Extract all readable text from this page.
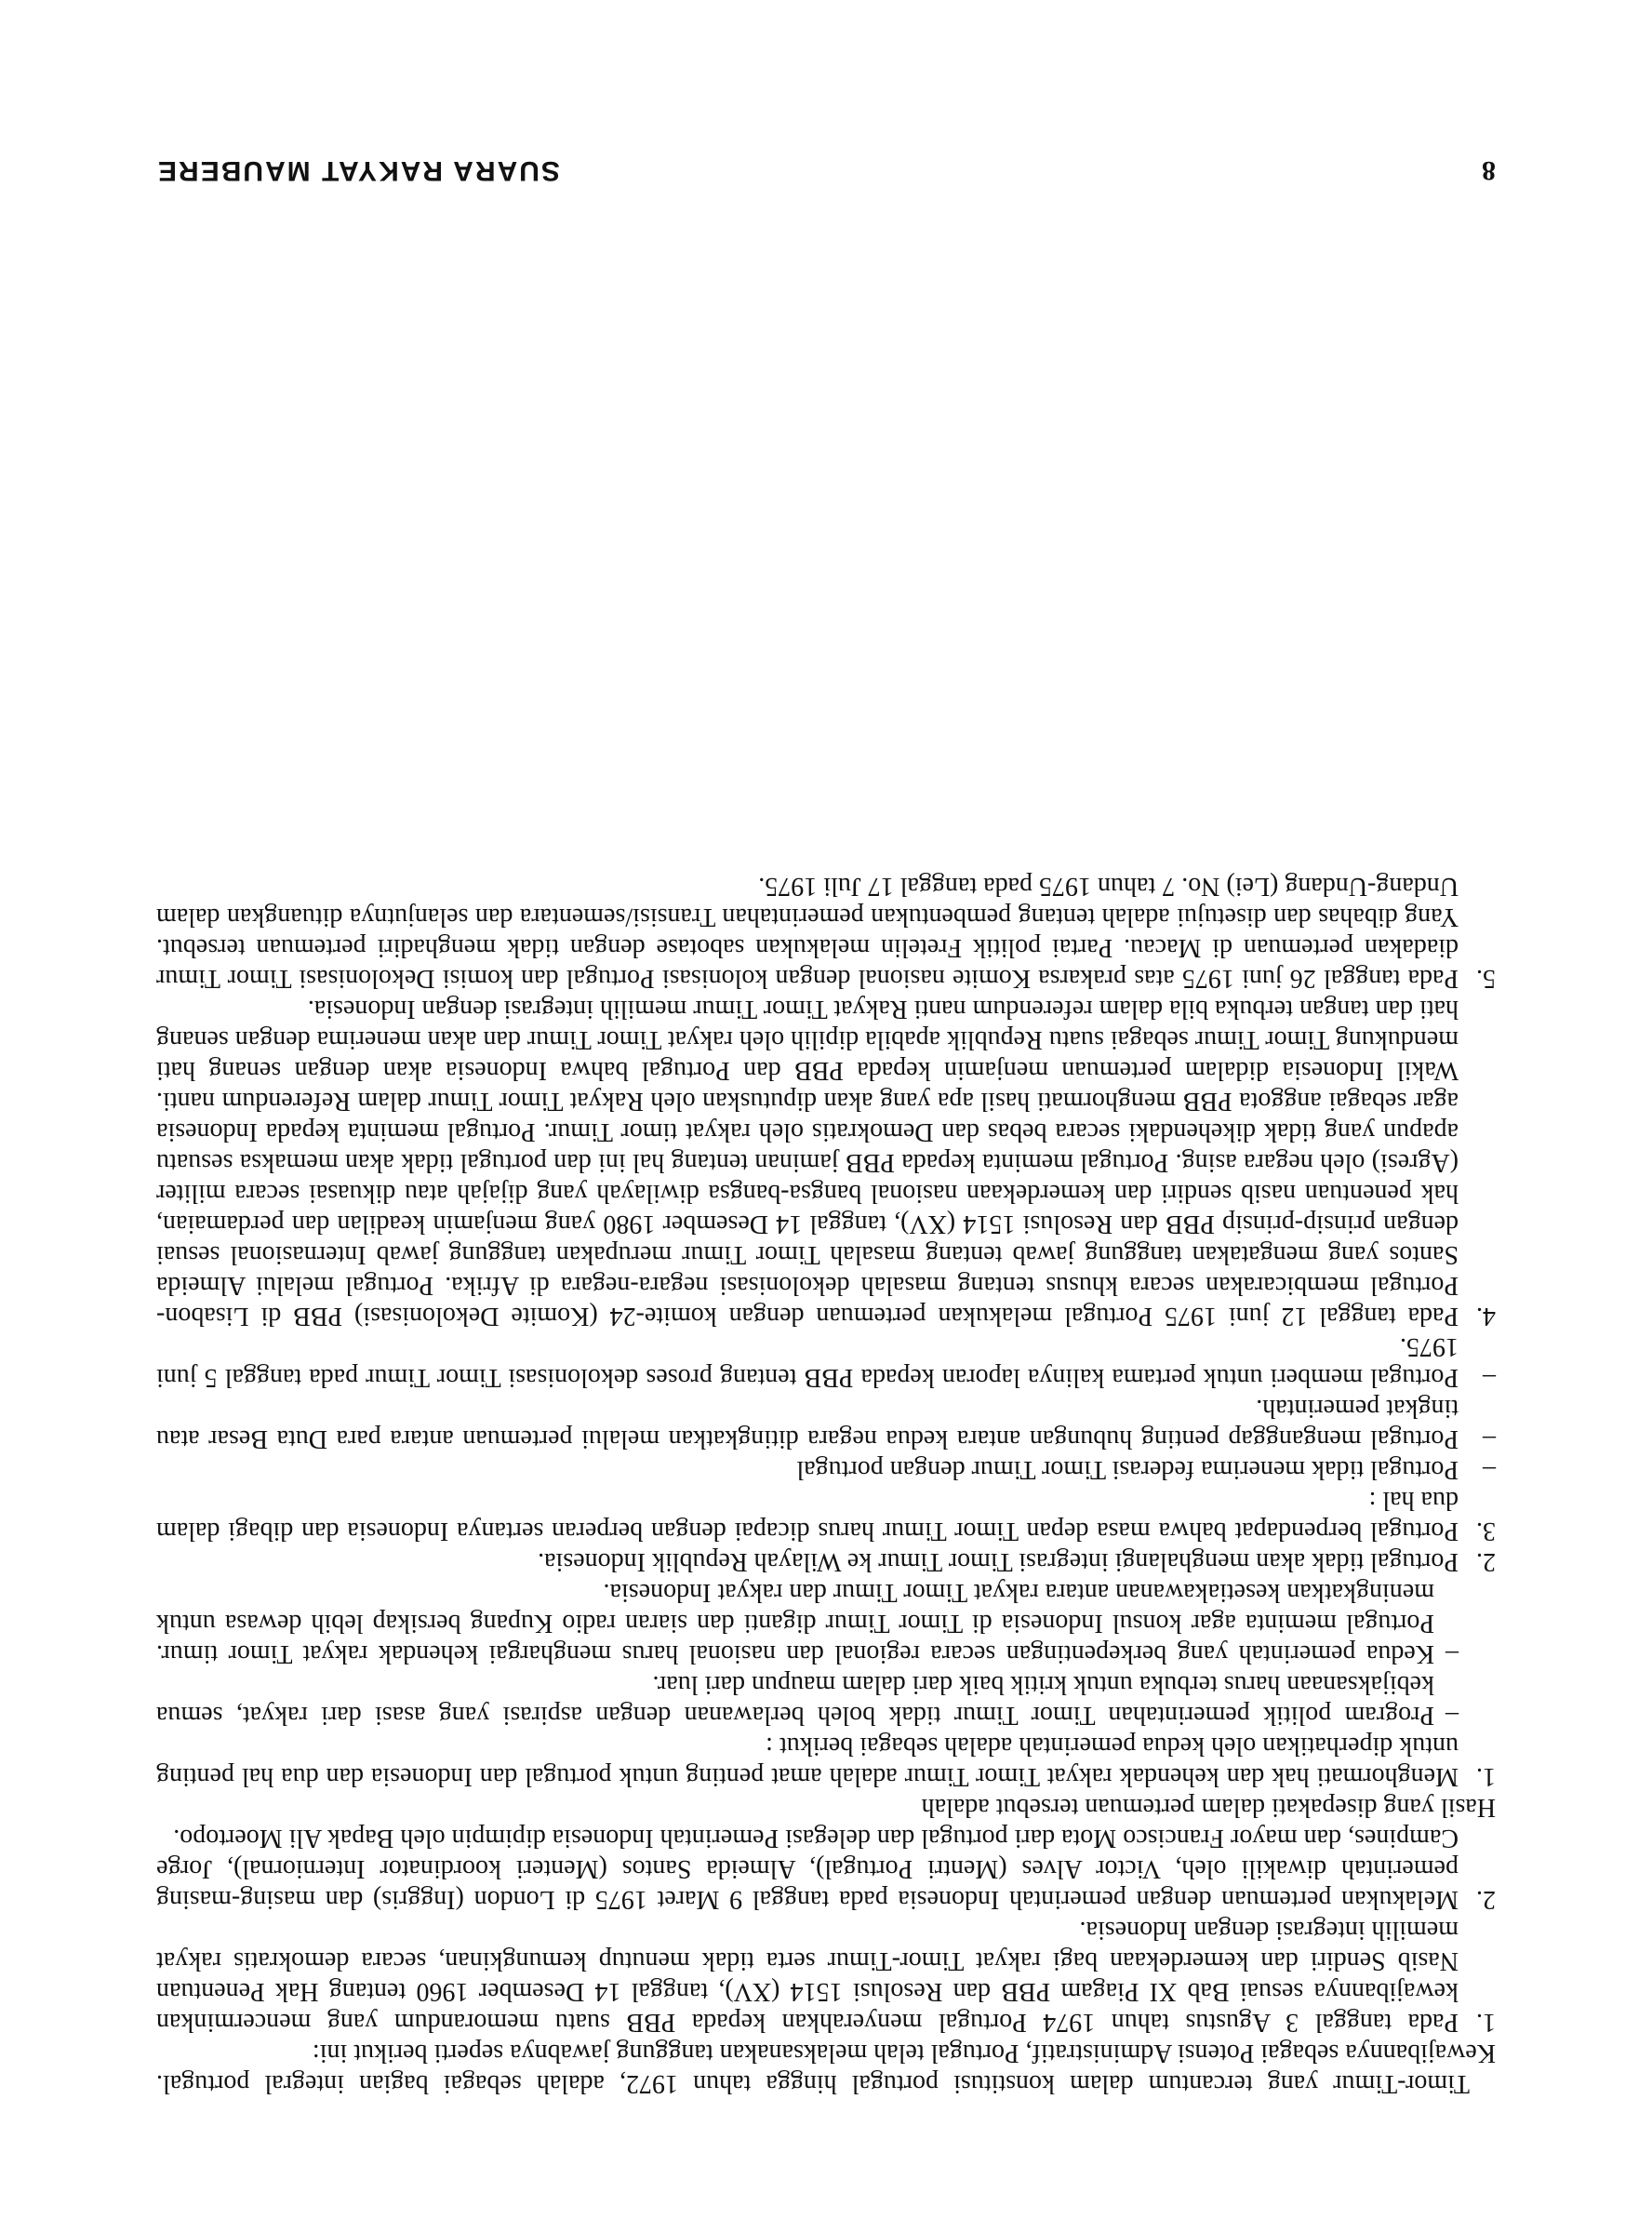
8
SUARA RAKYAT MAUBERE

Timor-Timur yang tercantum dalam konstitusi portugal hingga tahun 1972, adalah sebagai bagian integral portugal. Kewajibannya sebagai Potensi Administratif, Portugal telah melaksanakan tanggung jawabnya seperti berikut ini:

1.

Pada tanggal 3 Agustus tahun 1974 Portugal menyerahkan kepada PBB suatu memorandum yang mencerminkan kewajibannya sesuai Bab XI Piagam PBB dan Resolusi 1514 (XV), tanggal 14 Desember 1960 tentang Hak Penentuan Nasib Sendiri dan kemerdekaan bagi rakyat Timor-Timur serta tidak menutup kemungkinan, secara demokratis rakyat memilih integrasi dengan Indonesia.

2.

Melakukan pertemuan dengan pemerintah Indonesia pada tanggal 9 Maret 1975 di London (Inggris) dan masing-masing pemerintah diwakili oleh, Victor Alves (Mentri Portugal), Almeida Santos (Menteri koordinator Interniornal), Jorge Campines, dan mayor Francisco Mota dari portugal dan delegasi Pemerintah Indonesia dipimpin oleh Bapak Ali Moertopo.

Hasil yang disepakati dalam pertemuan tersebut adalah

1.

Menghormati hak dan kehendak rakyat Timor Timur adalah amat penting untuk portugal dan Indonesia dan dua hal penting untuk diperhatikan oleh kedua pemerintah adalah sebagai berikut :

–

Program politik pemerintahan Timor Timur tidak boleh berlawanan dengan aspirasi yang asasi dari rakyat, semua kebijaksanaan harus terbuka untuk kritik baik dari dalam maupun dari luar.

–

Kedua pemerintah yang berkepentingan secara regional dan nasional harus menghargai kehendak rakyat Timor timur. Portugal meminta agar konsul Indonesia di Timor Timur diganti dan siaran radio Kupang bersikap lebih dewasa untuk meningkatkan kesetiakawanan antara rakyat Timor Timur dan rakyat Indonesia.

2.

Portugal tidak akan menghalangi integrasi Timor Timur ke Wilayah Republik Indonesia.

3.

Portugal berpendapat bahwa masa depan Timor Timur harus dicapai dengan berperan sertanya Indonesia dan dibagi dalam dua hal :

–

Portugal tidak menerima federasi Timor Timur dengan portugal

–

Portugal menganggap penting hubungan antara kedua negara ditingkatkan melalui pertemuan antara para Duta Besar atau tingkat pemerintah.

–

Portugal memberi untuk pertama kalinya laporan kepada PBB tentang proses dekolonisasi Timor Timur pada tanggal 5 juni 1975.

4.

Pada tanggal 12 juni 1975 Portugal melakukan pertemuan dengan komite-24 (Komite Dekolonisasi) PBB di Lisabon-Portugal membicarakan secara khusus tentang masalah dekolonisasi negara-negara di Afrika. Portugal melalui Almeida Santos yang mengatakan tanggung jawab tentang masalah Timor Timur merupakan tanggung jawab Internasional sesuai dengan prinsip-prinsip PBB dan Resolusi 1514 (XV), tanggal 14 Desember 1980 yang menjamin keadilan dan perdamaian, hak penentuan nasib sendiri dan kemerdekaan nasional bangsa-bangsa diwilayah yang dijajah atau dikuasai secara militer (Agresi) oleh negara asing. Portugal meminta kepada PBB jaminan tentang hal ini dan portugal tidak akan memaksa sesuatu apapun yang tidak dikehendaki secara bebas dan Demokratis oleh rakyat timor Timur. Portugal meminta kepada Indonesia agar sebagai anggota PBB menghormati hasil apa yang akan diputuskan oleh Rakyat Timor Timur dalam Referendum nanti. Wakil Indonesia didalam pertemuan menjamin kepada PBB dan Portugal bahwa Indonesia akan dengan senang hati mendukung Timor Timur sebagai suatu Republik apabila dipilih oleh rakyat Timor Timur dan akan menerima dengan senang hati dan tangan terbuka bila dalam referendum nanti Rakyat Timor Timur memilih integrasi dengan Indonesia.

5.

Pada tanggal 26 juni 1975 atas prakarsa Komite nasional dengan kolonisasi Portugal dan komisi Dekolonisasi Timor Timur diadakan pertemuan di Macau. Partai politik Fretelin melakukan sabotase dengan tidak menghadiri pertemuan tersebut. Yang dibahas dan disetujui adalah tentang pembentukan pemerintahan Transisi/sementara dan selanjutnya dituangkan dalam Undang-Undang (Lei) No. 7 tahun 1975 pada tanggal 17 Juli 1975.
